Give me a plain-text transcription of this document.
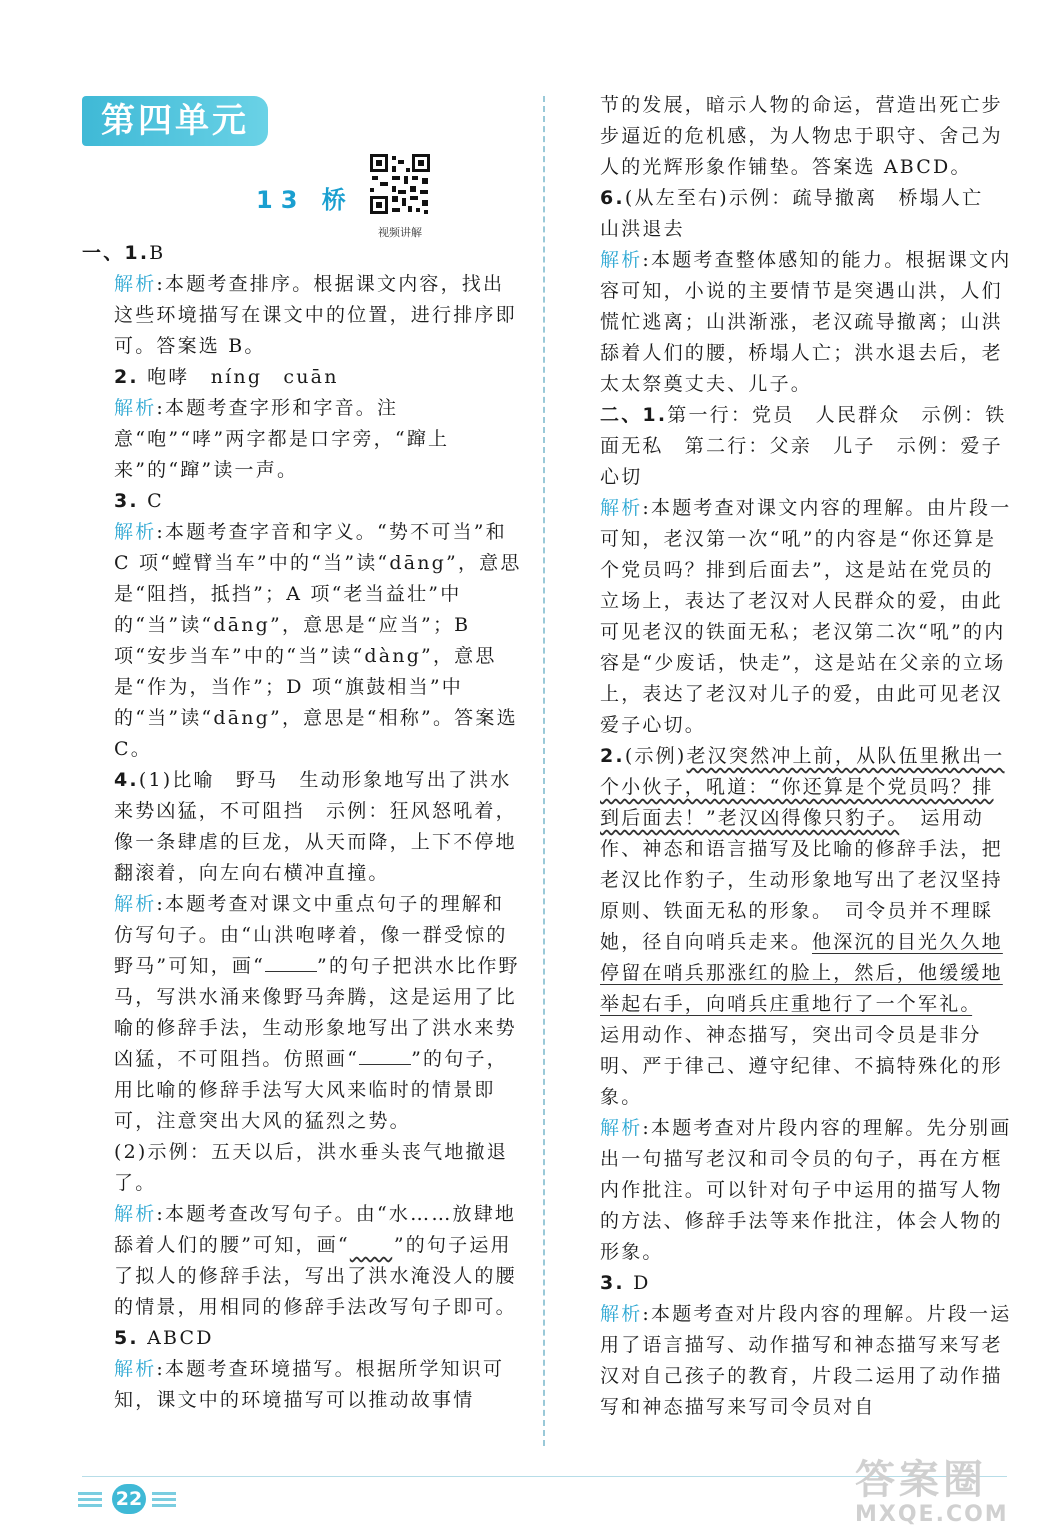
第四单元
13 桥
视频讲解

一、1.B

解析:本题考查排序。根据课文内容，找出这些环境描写在课文中的位置，进行排序即可。答案选 B。

2. 咆哮　níng　cuān

解析:本题考查字形和字音。注意“咆”“哮”两字都是口字旁，“蹿上来”的“蹿”读一声。

3. C

解析:本题考查字音和字义。“势不可当”和 C 项“螳臂当车”中的“当”读“dāng”，意思是“阻挡，抵挡”；A 项“老当益壮”中的“当”读“dāng”，意思是“应当”；B 项“安步当车”中的“当”读“dàng”，意思是“作为，当作”；D 项“旗鼓相当”中的“当”读“dāng”，意思是“相称”。答案选 C。

4.(1)比喻　野马　生动形象地写出了洪水来势凶猛，不可阻挡　示例：狂风怒吼着，像一条肆虐的巨龙，从天而降，上下不停地翻滚着，向左向右横冲直撞。

解析:本题考查对课文中重点句子的理解和仿写句子。由“山洪咆哮着，像一群受惊的野马”可知，画“	”的句子把洪水比作野马，写洪水涌来像野马奔腾，这是运用了比喻的修辞手法，生动形象地写出了洪水来势凶猛，不可阻挡。仿照画“	”的句子，用比喻的修辞手法写大风来临时的情景即可，注意突出大风的猛烈之势。

(2)示例：五天以后，洪水垂头丧气地撤退了。

解析:本题考查改写句子。由“水……放肆地舔着人们的腰”可知，画“　　 ”的句子运用了拟人的修辞手法，写出了洪水淹没人的腰的情景，用相同的修辞手法改写句子即可。

5. ABCD

解析:本题考查环境描写。根据所学知识可知，课文中的环境描写可以推动故事情

节的发展，暗示人物的命运，营造出死亡步步逼近的危机感，为人物忠于职守、舍己为人的光辉形象作铺垫。答案选 ABCD。

6.(从左至右)示例：疏导撤离　桥塌人亡　山洪退去

解析:本题考查整体感知的能力。根据课文内容可知，小说的主要情节是突遇山洪，人们慌忙逃离；山洪渐涨，老汉疏导撤离；山洪舔着人们的腰，桥塌人亡；洪水退去后，老太太祭奠丈夫、儿子。

二、1.第一行：党员　人民群众　示例：铁面无私　第二行：父亲　儿子　示例：爱子心切

解析:本题考查对课文内容的理解。由片段一可知，老汉第一次“吼”的内容是“你还算是个党员吗？排到后面去”，这是站在党员的立场上，表达了老汉对人民群众的爱，由此可见老汉的铁面无私；老汉第二次“吼”的内容是“少废话，快走”，这是站在父亲的立场上，表达了老汉对儿子的爱，由此可见老汉爱子心切。

2.(示例)老汉突然冲上前，从队伍里揪出一个小伙子，吼道：“你还算是个党员吗？排到后面去！”老汉凶得像只豹子。　运用动作、神态和语言描写及比喻的修辞手法，把老汉比作豹子，生动形象地写出了老汉坚持原则、铁面无私的形象。　司令员并不理睬她，径自向哨兵走来。他深沉的目光久久地停留在哨兵那涨红的脸上，然后，他缓缓地举起右手，向哨兵庄重地行了一个军礼。　运用动作、神态描写，突出司令员是非分明、严于律己、遵守纪律、不搞特殊化的形象。

解析:本题考查对片段内容的理解。先分别画出一句描写老汉和司令员的句子，再在方框内作批注。可以针对句子中运用的描写人物的方法、修辞手法等来作批注，体会人物的形象。

3. D

解析:本题考查对片段内容的理解。片段一运用了语言描写、动作描写和神态描写来写老汉对自己孩子的教育，片段二运用了动作描写和神态描写来写司令员对自

22	答案圈
MXQE.COM
